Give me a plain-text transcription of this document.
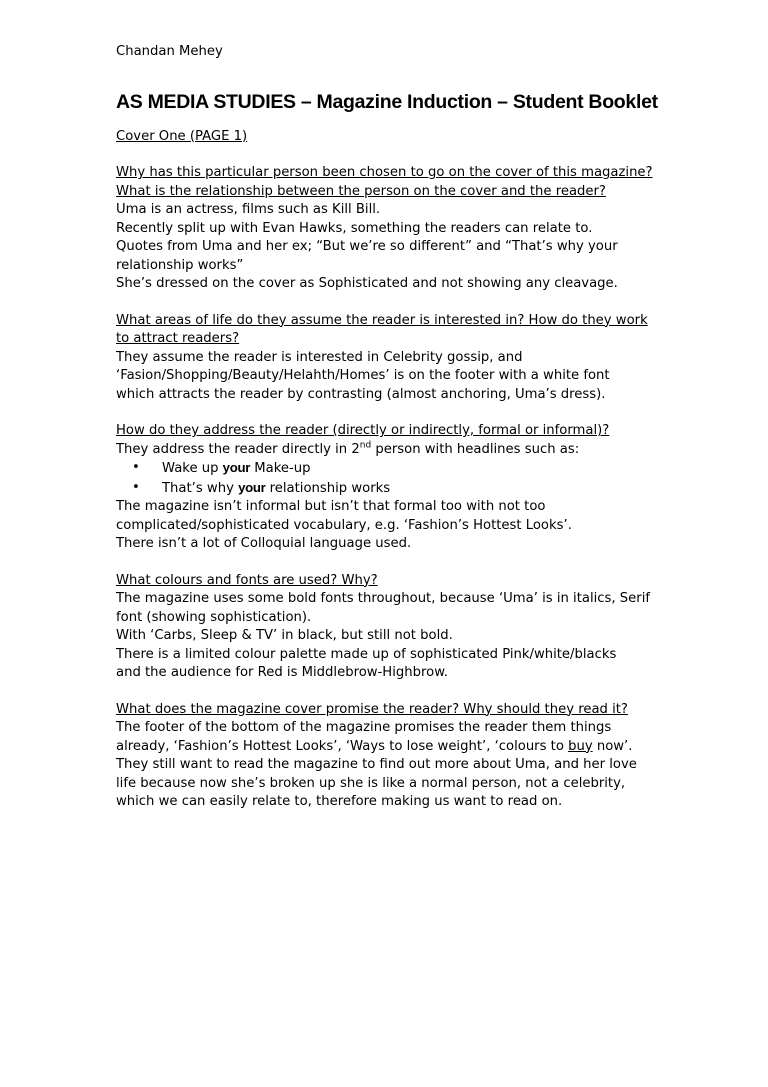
Chandan Mehey
AS MEDIA STUDIES – Magazine Induction – Student Booklet
Cover One (PAGE 1)
Why has this particular person been chosen to go on the cover of this magazine?
What is the relationship between the person on the cover and the reader?
Uma is an actress, films such as Kill Bill.
Recently split up with Evan Hawks, something the readers can relate to.
Quotes from Uma and her ex; “But we’re so different” and “That’s why your
relationship works”
She’s dressed on the cover as Sophisticated and not showing any cleavage.
What areas of life do they assume the reader is interested in? How do they work
to attract readers?
They assume the reader is interested in Celebrity gossip, and
‘Fasion/Shopping/Beauty/Helahth/Homes’ is on the footer with a white font
which attracts the reader by contrasting (almost anchoring, Uma’s dress).
How do they address the reader (directly or indirectly, formal or informal)?
They address the reader directly in 2nd person with headlines such as:
• Wake up your Make-up
• That’s why your relationship works
The magazine isn’t informal but isn’t that formal too with not too
complicated/sophisticated vocabulary, e.g. ‘Fashion’s Hottest Looks’.
There isn’t a lot of Colloquial language used.
What colours and fonts are used? Why?
The magazine uses some bold fonts throughout, because ‘Uma’ is in italics, Serif
font (showing sophistication).
With ‘Carbs, Sleep & TV’ in black, but still not bold.
There is a limited colour palette made up of sophisticated Pink/white/blacks
and the audience for Red is Middlebrow-Highbrow.
What does the magazine cover promise the reader? Why should they read it?
The footer of the bottom of the magazine promises the reader them things
already, ‘Fashion’s Hottest Looks’, ‘Ways to lose weight’, ‘colours to buy now’.
They still want to read the magazine to find out more about Uma, and her love
life because now she’s broken up she is like a normal person, not a celebrity,
which we can easily relate to, therefore making us want to read on.
